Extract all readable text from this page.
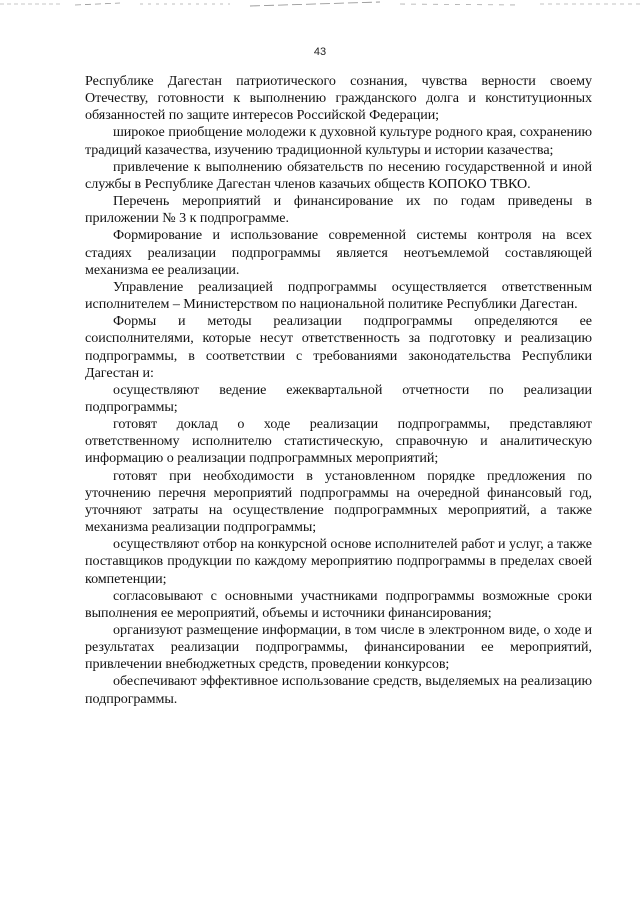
43

Республике Дагестан патриотического сознания, чувства верности своему Отечеству, готовности к выполнению гражданского долга и конституционных обязанностей по защите интересов Российской Федерации;

широкое приобщение молодежи к духовной культуре родного края, сохранению традиций казачества, изучению традиционной культуры и истории казачества;

привлечение к выполнению обязательств по несению государственной и иной службы в Республике Дагестан членов казачьих обществ КОПОКО ТВКО.

Перечень мероприятий и финансирование их по годам приведены в приложении № 3 к подпрограмме.

Формирование и использование современной системы контроля на всех стадиях реализации подпрограммы является неотъемлемой составляющей механизма ее реализации.

Управление реализацией подпрограммы осуществляется ответственным исполнителем – Министерством по национальной политике Республики Дагестан.

Формы и методы реализации подпрограммы определяются ее соисполнителями, которые несут ответственность за подготовку и реализацию подпрограммы, в соответствии с требованиями законодательства Республики Дагестан и:

осуществляют ведение ежеквартальной отчетности по реализации подпрограммы;

готовят доклад о ходе реализации подпрограммы, представляют ответственному исполнителю статистическую, справочную и аналитическую информацию о реализации подпрограммных мероприятий;

готовят при необходимости в установленном порядке предложения по уточнению перечня мероприятий подпрограммы на очередной финансовый год, уточняют затраты на осуществление подпрограммных мероприятий, а также механизма реализации подпрограммы;

осуществляют отбор на конкурсной основе исполнителей работ и услуг, а также поставщиков продукции по каждому мероприятию подпрограммы в пределах своей компетенции;

согласовывают с основными участниками подпрограммы возможные сроки выполнения ее мероприятий, объемы и источники финансирования;

организуют размещение информации, в том числе в электронном виде, о ходе и результатах реализации подпрограммы, финансировании ее мероприятий, привлечении внебюджетных средств, проведении конкурсов;

обеспечивают эффективное использование средств, выделяемых на реализацию подпрограммы.
